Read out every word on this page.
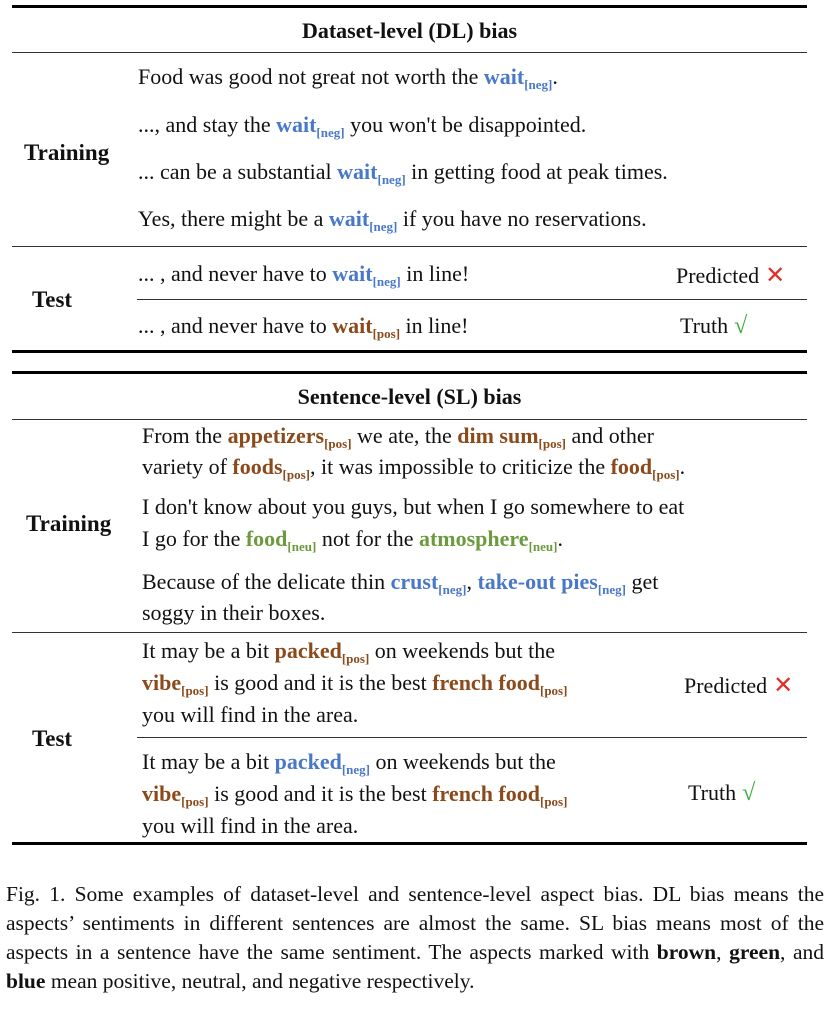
Dataset-level (DL) bias
Training
Food was good not great not worth the wait$_{[neg]}$.
..., and stay the wait$_{[neg]}$ you won't be disappointed.
... can be a substantial wait$_{[neg]}$ in getting food at peak times.
Yes, there might be a wait$_{[neg]}$ if you have no reservations.
Test
... , and never have to wait$_{[neg]}$ in line!	Predicted ✕
... , and never have to wait$_{[pos]}$ in line!	Truth √
Sentence-level (SL) bias
Training
From the appetizers$_{[pos]}$ we ate, the dim sum$_{[pos]}$ and other
variety of foods$_{[pos]}$, it was impossible to criticize the food$_{[pos]}$.
I don't know about you guys, but when I go somewhere to eat
I go for the food$_{[neu]}$ not for the atmosphere$_{[neu]}$.
Because of the delicate thin crust$_{[neg]}$, take-out pies$_{[neg]}$ get
soggy in their boxes.
Test
It may be a bit packed$_{[pos]}$ on weekends but the
vibe$_{[pos]}$ is good and it is the best french food$_{[pos]}$
you will find in the area.
Predicted ✕
It may be a bit packed$_{[neg]}$ on weekends but the
vibe$_{[pos]}$ is good and it is the best french food$_{[pos]}$
you will find in the area.
Truth √
Fig. 1. Some examples of dataset-level and sentence-level aspect bias. DL bias means the aspects’ sentiments in different sentences are almost the same. SL bias means most of the aspects in a sentence have the same sentiment. The aspects marked with brown, green, and blue mean positive, neutral, and negative respectively.
